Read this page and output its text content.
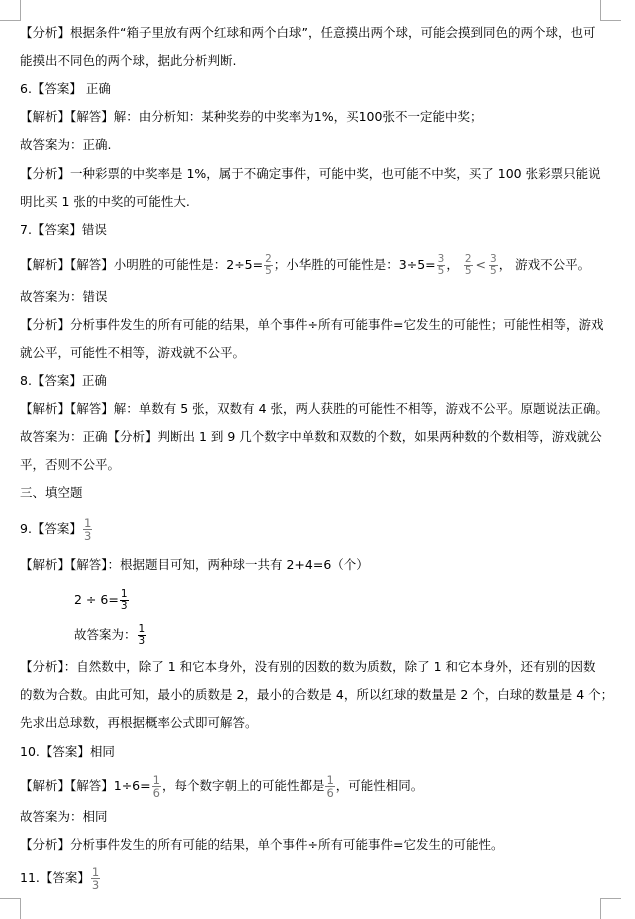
【分析】根据条件“箱子里放有两个红球和两个白球”，任意摸出两个球，可能会摸到同色的两个球，也可
能摸出不同色的两个球，据此分析判断.
6.【答案】 正确
【解析】【解答】解：由分析知：某种奖券的中奖率为1%，买100张不一定能中奖；
故答案为：正确.
【分析】一种彩票的中奖率是 1%，属于不确定事件，可能中奖，也可能不中奖，买了 100 张彩票只能说
明比买 1 张的中奖的可能性大.
7.【答案】错误
【解析】【解答】小明胜的可能性是：$2\div 5= \frac{2}{5}$ ；小华胜的可能性是：$3\div 5= \frac{3}{5}$ ， $\frac{2}{5} < \frac{3}{5}$ ， 游戏不公平。
故答案为：错误
【分析】分析事件发生的所有可能的结果，单个事件÷所有可能事件=它发生的可能性；可能性相等，游戏
就公平，可能性不相等，游戏就不公平。
8.【答案】正确
【解析】【解答】解：单数有 5 张，双数有 4 张，两人获胜的可能性不相等，游戏不公平。原题说法正确。
故答案为：正确【分析】判断出 1 到 9 几个数字中单数和双数的个数，如果两种数的个数相等，游戏就公
平，否则不公平。
三、填空题
9.【答案】 $\frac{1}{3}$
【解析】【解答】：根据题目可知，两种球一共有 2+4=6（个）
$2 \div 6= \frac{1}{3}$
故答案为： $\frac{1}{3}$
【分析】：自然数中，除了 1 和它本身外，没有别的因数的数为质数，除了 1 和它本身外，还有别的因数
的数为合数。由此可知，最小的质数是 2，最小的合数是 4，所以红球的数量是 2 个，白球的数量是 4 个；
先求出总球数，再根据概率公式即可解答。
10.【答案】相同
【解析】【解答】$1\div 6= \frac{1}{6}$ ，每个数字朝上的可能性都是 $\frac{1}{6}$ ，可能性相同。
故答案为：相同
【分析】分析事件发生的所有可能的结果，单个事件÷所有可能事件=它发生的可能性。
11.【答案】 $\frac{1}{3}$
